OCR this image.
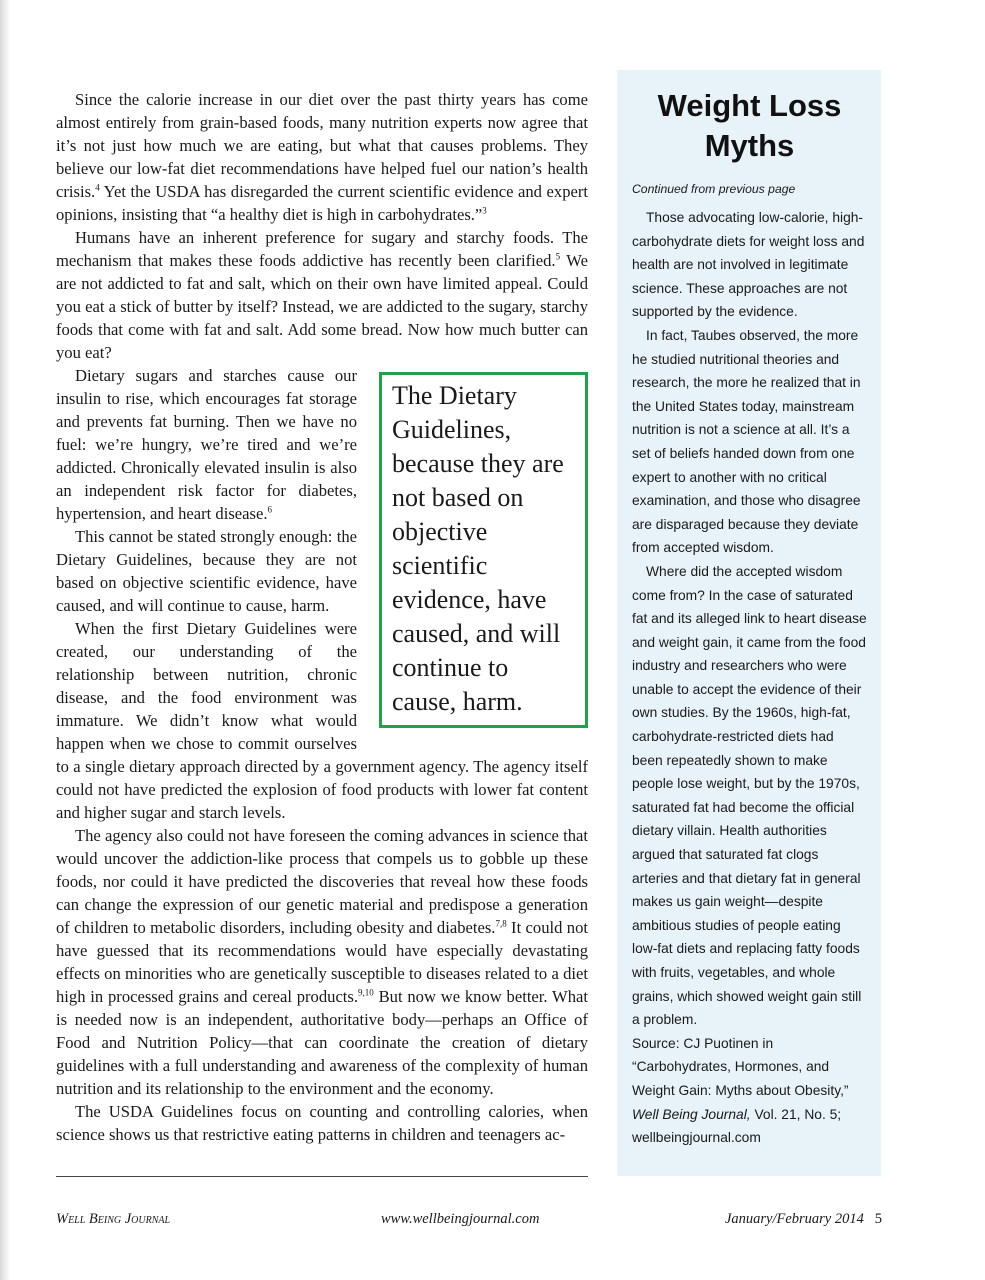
Since the calorie increase in our diet over the past thirty years has come almost entirely from grain-based foods, many nutrition experts now agree that it’s not just how much we are eating, but what that causes problems. They believe our low-fat diet recommendations have helped fuel our nation’s health crisis.$^4$ Yet the USDA has disregarded the current scientific evidence and expert opinions, insisting that “a healthy diet is high in carbohydrates.”$^3$

Humans have an inherent preference for sugary and starchy foods. The mechanism that makes these foods addictive has recently been clarified.$^5$ We are not addicted to fat and salt, which on their own have limited appeal. Could you eat a stick of butter by itself? Instead, we are addicted to the sugary, starchy foods that come with fat and salt. Add some bread. Now how much butter can you eat?

The Dietary Guidelines, because they are not based on objective scientific evidence, have caused, and will continue to cause, harm.

Dietary sugars and starches cause our insulin to rise, which encourages fat storage and prevents fat burning. Then we have no fuel: we’re hungry, we’re tired and we’re addicted. Chronically elevated insulin is also an independent risk factor for diabetes, hypertension, and heart disease.$^6$

This cannot be stated strongly enough: the Dietary Guidelines, because they are not based on objective scientific evidence, have caused, and will continue to cause, harm.

When the first Dietary Guidelines were created, our understanding of the relationship between nutrition, chronic disease, and the food environment was immature. We didn’t know what would happen when we chose to commit ourselves to a single dietary approach directed by a government agency. The agency itself could not have predicted the explosion of food products with lower fat content and higher sugar and starch levels.

The agency also could not have foreseen the coming advances in science that would uncover the addiction-like process that compels us to gobble up these foods, nor could it have predicted the discoveries that reveal how these foods can change the expression of our genetic material and predispose a generation of children to metabolic disorders, including obesity and diabetes.$^{7,8}$ It could not have guessed that its recommendations would have especially devastating effects on minorities who are genetically susceptible to diseases related to a diet high in processed grains and cereal products.$^{9,10}$ But now we know better. What is needed now is an independent, authoritative body—perhaps an Office of Food and Nutrition Policy—that can coordinate the creation of dietary guidelines with a full understanding and awareness of the complexity of human nutrition and its relationship to the environment and the economy.

The USDA Guidelines focus on counting and controlling calories, when science shows us that restrictive eating patterns in children and teenagers ac-

Weight Loss Myths
Continued from previous page

Those advocating low-calorie, high-carbohydrate diets for weight loss and health are not involved in legitimate science. These approaches are not supported by the evidence.

In fact, Taubes observed, the more he studied nutritional theories and research, the more he realized that in the United States today, mainstream nutrition is not a science at all. It’s a set of beliefs handed down from one expert to another with no critical examination, and those who disagree are disparaged because they deviate from accepted wisdom.

Where did the accepted wisdom come from? In the case of saturated fat and its alleged link to heart disease and weight gain, it came from the food industry and researchers who were unable to accept the evidence of their own studies. By the 1960s, high-fat, carbohydrate-restricted diets had been repeatedly shown to make people lose weight, but by the 1970s, saturated fat had become the official dietary villain. Health authorities argued that saturated fat clogs arteries and that dietary fat in general makes us gain weight—despite ambitious studies of people eating low-fat diets and replacing fatty foods with fruits, vegetables, and whole grains, which showed weight gain still a problem.

Source: CJ Puotinen in “Carbohydrates, Hormones, and Weight Gain: Myths about Obesity,” Well Being Journal, Vol. 21, No. 5; wellbeingjournal.com

Well Being Journal	www.wellbeingjournal.com	January/February 2014 5
